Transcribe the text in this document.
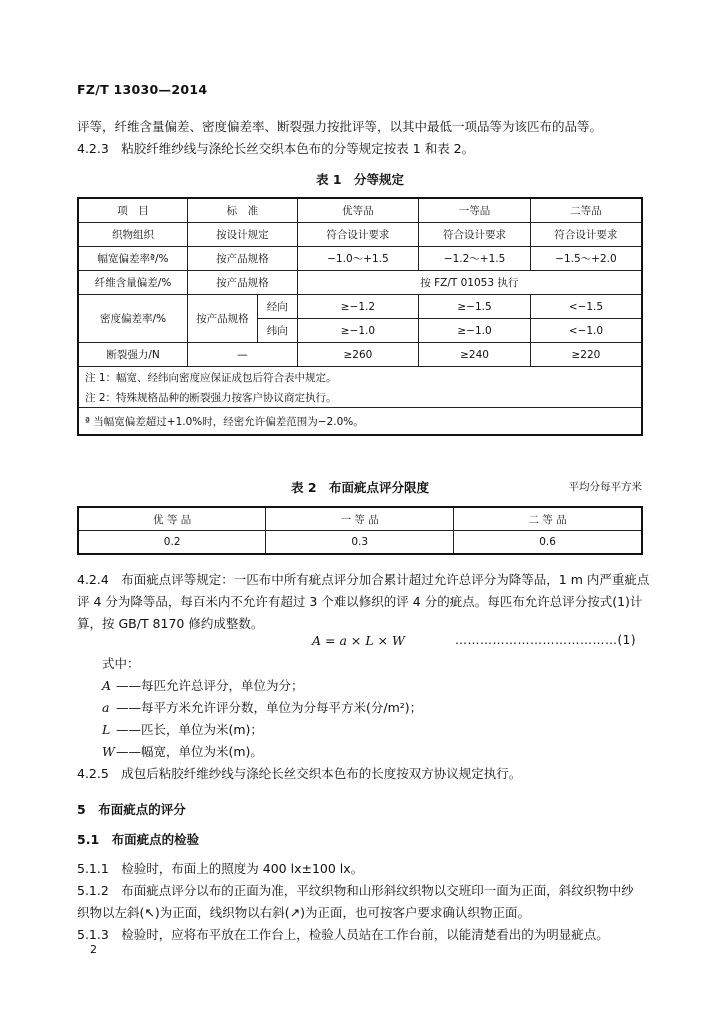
FZ/T 13030—2014
评等，纤维含量偏差、密度偏差率、断裂强力按批评等，以其中最低一项品等为该匹布的品等。
4.2.3　粘胶纤维纱线与涤纶长丝交织本色布的分等规定按表 1 和表 2。
表 1　分等规定
项　目	标　准		优等品	一等品	二等品
织物组织	按设计规定		符合设计要求	符合设计要求	符合设计要求
幅宽偏差率ª/%	按产品规格		−1.0～+1.5	−1.2～+1.5	−1.5～+2.0
纤维含量偏差/%	按产品规格		按 FZ/T 01053 执行		
密度偏差率/%	按产品规格	经向	≥−1.2	≥−1.5	<−1.5
		纬向	≥−1.0	≥−1.0	<−1.0
断裂强力/N	—		≥260	≥240	≥220
注 1：幅宽、经纬向密度应保证成包后符合表中规定。					
注 2：特殊规格品种的断裂强力按客户协议商定执行。					
ª 当幅宽偏差超过+1.0%时，经密允许偏差范围为−2.0%。					
表 2　布面疵点评分限度	平均分每平方米
优 等 品	一 等 品	二 等 品
0.2	0.3	0.6
4.2.4　布面疵点评等规定：一匹布中所有疵点评分加合累计超过允许总评分为降等品，1 m 内严重疵点
评 4 分为降等品，每百米内不允许有超过 3 个难以修织的评 4 分的疵点。每匹布允许总评分按式(1)计
算，按 GB/T 8170 修约成整数。
A = a × L × W	…………………………………(1)
式中：
A ——每匹允许总评分，单位为分；
a ——每平方米允许评分数，单位为分每平方米(分/m²)；
L ——匹长，单位为米(m)；
W——幅宽，单位为米(m)。
4.2.5　成包后粘胶纤维纱线与涤纶长丝交织本色布的长度按双方协议规定执行。
5　布面疵点的评分
5.1　布面疵点的检验
5.1.1　检验时，布面上的照度为 400 lx±100 lx。
5.1.2　布面疵点评分以布的正面为准，平纹织物和山形斜纹织物以交班印一面为正面，斜纹织物中纱
织物以左斜(↖)为正面，线织物以右斜(↗)为正面，也可按客户要求确认织物正面。
5.1.3　检验时，应将布平放在工作台上，检验人员站在工作台前，以能清楚看出的为明显疵点。
2
